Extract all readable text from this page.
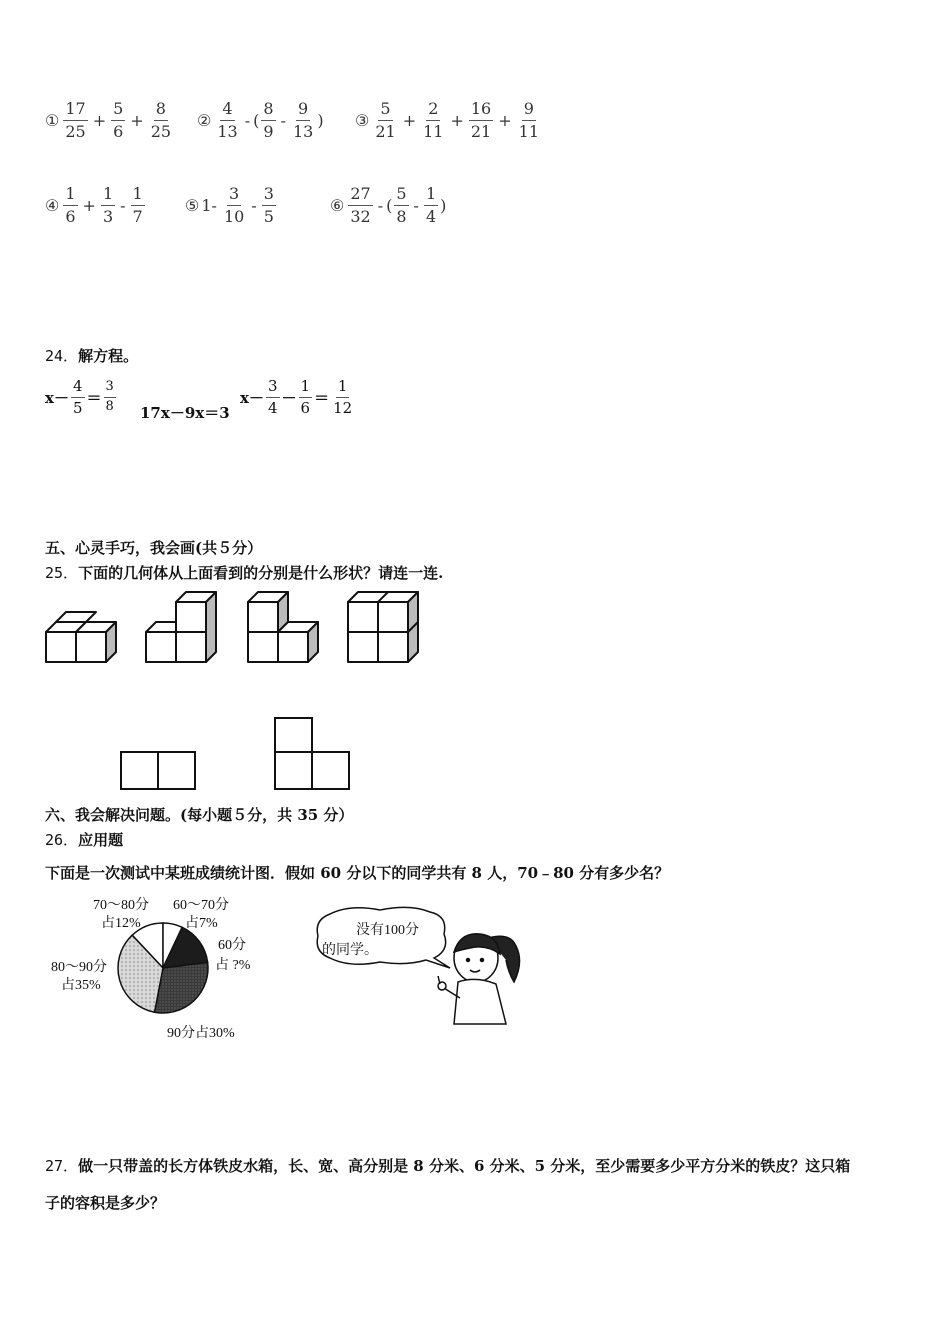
① $\frac{17}{25} + \frac{5}{6} + \frac{8}{25}$ ② $\frac{4}{13}$ - ( $\frac{8}{9} - \frac{9}{13}$ ) ③ $\frac{5}{21} + \frac{2}{11} + \frac{16}{21} + \frac{9}{11}$
④ $\frac{1}{6} + \frac{1}{3} - \frac{1}{7}$	⑤ $1- \frac{3}{10} - \frac{3}{5}$	⑥ $\frac{27}{32}$ - ( $\frac{5}{8} - \frac{1}{4}$ )
24．解方程。
$x- \frac{4}{5} = \frac{3}{8} 17x-9x=3$
$x- \frac{3}{4} - \frac{1}{6} = \frac{1}{12}$
五、心灵手巧，我会画(共５分）
25．下面的几何体从上面看到的分别是什么形状？请连一连.
六、我会解决问题。(每小题５分，共 35 分）
26．应用题
下面是一次测试中某班成绩统计图．假如 60 分以下的同学共有 8 人，70﹣80 分有多少名？
70～80分
占12%
60～70分
占7%
60分
占 ?%
80～90分
占35%
90分占30%
没有100分
的同学。
27．做一只带盖的长方体铁皮水箱，长、宽、高分别是 8 分米、6 分米、5 分米，至少需要多少平方分米的铁皮？这只箱
子的容积是多少？
